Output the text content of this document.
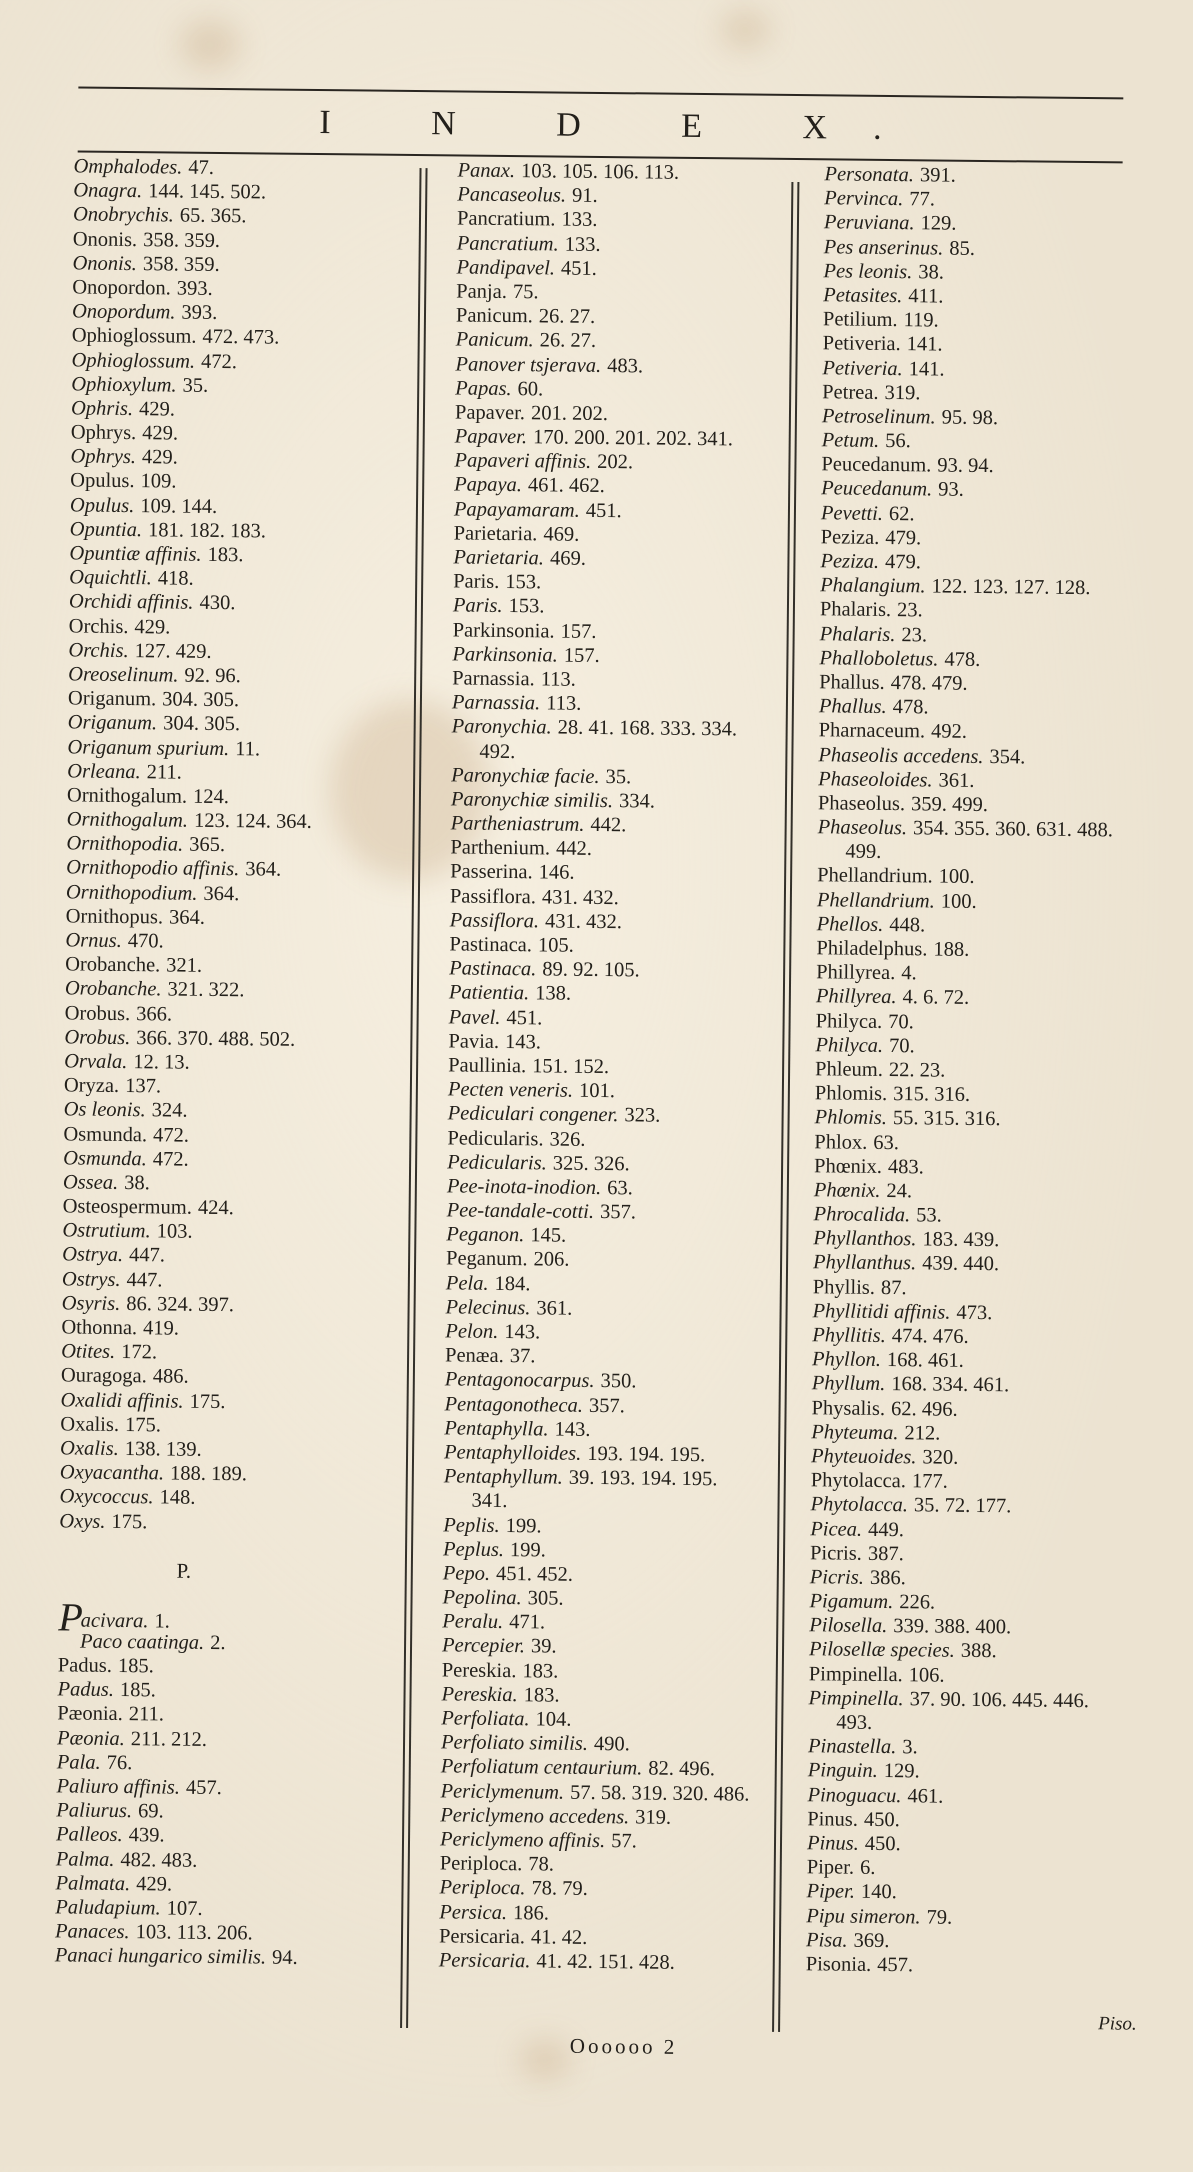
I N D E X.
Omphalodes. 47.
Onagra. 144. 145. 502.
Onobrychis. 65. 365.
Ononis. 358. 359.
Ononis. 358. 359.
Onopordon. 393.
Onopordum. 393.
Ophioglossum. 472. 473.
Ophioglossum. 472.
Ophioxylum. 35.
Ophris. 429.
Ophrys. 429.
Ophrys. 429.
Opulus. 109.
Opulus. 109. 144.
Opuntia. 181. 182. 183.
Opuntiæ affinis. 183.
Oquichtli. 418.
Orchidi affinis. 430.
Orchis. 429.
Orchis. 127. 429.
Oreoselinum. 92. 96.
Origanum. 304. 305.
Origanum. 304. 305.
Origanum spurium. 11.
Orleana. 211.
Ornithogalum. 124.
Ornithogalum. 123. 124. 364.
Ornithopodia. 365.
Ornithopodio affinis. 364.
Ornithopodium. 364.
Ornithopus. 364.
Ornus. 470.
Orobanche. 321.
Orobanche. 321. 322.
Orobus. 366.
Orobus. 366. 370. 488. 502.
Orvala. 12. 13.
Oryza. 137.
Os leonis. 324.
Osmunda. 472.
Osmunda. 472.
Ossea. 38.
Osteospermum. 424.
Ostrutium. 103.
Ostrya. 447.
Ostrys. 447.
Osyris. 86. 324. 397.
Othonna. 419.
Otites. 172.
Ouragoga. 486.
Oxalidi affinis. 175.
Oxalis. 175.
Oxalis. 138. 139.
Oxyacantha. 188. 189.
Oxycoccus. 148.
Oxys. 175.
P.
Pacivara. 1.
Paco caatinga. 2.
Padus. 185.
Padus. 185.
Pæonia. 211.
Pæonia. 211. 212.
Pala. 76.
Paliuro affinis. 457.
Paliurus. 69.
Palleos. 439.
Palma. 482. 483.
Palmata. 429.
Paludapium. 107.
Panaces. 103. 113. 206.
Panaci hungarico similis. 94.
Panax. 103. 105. 106. 113.
Pancaseolus. 91.
Pancratium. 133.
Pancratium. 133.
Pandipavel. 451.
Panja. 75.
Panicum. 26. 27.
Panicum. 26. 27.
Panover tsjerava. 483.
Papas. 60.
Papaver. 201. 202.
Papaver. 170. 200. 201. 202. 341.
Papaveri affinis. 202.
Papaya. 461. 462.
Papayamaram. 451.
Parietaria. 469.
Parietaria. 469.
Paris. 153.
Paris. 153.
Parkinsonia. 157.
Parkinsonia. 157.
Parnassia. 113.
Parnassia. 113.
Paronychia. 28. 41. 168. 333. 334.
492.
Paronychiæ facie. 35.
Paronychiæ similis. 334.
Partheniastrum. 442.
Parthenium. 442.
Passerina. 146.
Passiflora. 431. 432.
Passiflora. 431. 432.
Pastinaca. 105.
Pastinaca. 89. 92. 105.
Patientia. 138.
Pavel. 451.
Pavia. 143.
Paullinia. 151. 152.
Pecten veneris. 101.
Pediculari congener. 323.
Pedicularis. 326.
Pedicularis. 325. 326.
Pee-inota-inodion. 63.
Pee-tandale-cotti. 357.
Peganon. 145.
Peganum. 206.
Pela. 184.
Pelecinus. 361.
Pelon. 143.
Penæa. 37.
Pentagonocarpus. 350.
Pentagonotheca. 357.
Pentaphylla. 143.
Pentaphylloides. 193. 194. 195.
Pentaphyllum. 39. 193. 194. 195.
341.
Peplis. 199.
Peplus. 199.
Pepo. 451. 452.
Pepolina. 305.
Peralu. 471.
Percepier. 39.
Pereskia. 183.
Pereskia. 183.
Perfoliata. 104.
Perfoliato similis. 490.
Perfoliatum centaurium. 82. 496.
Periclymenum. 57. 58. 319. 320. 486.
Periclymeno accedens. 319.
Periclymeno affinis. 57.
Periploca. 78.
Periploca. 78. 79.
Persica. 186.
Persicaria. 41. 42.
Persicaria. 41. 42. 151. 428.
Personata. 391.
Pervinca. 77.
Peruviana. 129.
Pes anserinus. 85.
Pes leonis. 38.
Petasites. 411.
Petilium. 119.
Petiveria. 141.
Petiveria. 141.
Petrea. 319.
Petroselinum. 95. 98.
Petum. 56.
Peucedanum. 93. 94.
Peucedanum. 93.
Pevetti. 62.
Peziza. 479.
Peziza. 479.
Phalangium. 122. 123. 127. 128.
Phalaris. 23.
Phalaris. 23.
Phalloboletus. 478.
Phallus. 478. 479.
Phallus. 478.
Pharnaceum. 492.
Phaseolis accedens. 354.
Phaseoloides. 361.
Phaseolus. 359. 499.
Phaseolus. 354. 355. 360. 631. 488.
499.
Phellandrium. 100.
Phellandrium. 100.
Phellos. 448.
Philadelphus. 188.
Phillyrea. 4.
Phillyrea. 4. 6. 72.
Philyca. 70.
Philyca. 70.
Phleum. 22. 23.
Phlomis. 315. 316.
Phlomis. 55. 315. 316.
Phlox. 63.
Phœnix. 483.
Phœnix. 24.
Phrocalida. 53.
Phyllanthos. 183. 439.
Phyllanthus. 439. 440.
Phyllis. 87.
Phyllitidi affinis. 473.
Phyllitis. 474. 476.
Phyllon. 168. 461.
Phyllum. 168. 334. 461.
Physalis. 62. 496.
Phyteuma. 212.
Phyteuoides. 320.
Phytolacca. 177.
Phytolacca. 35. 72. 177.
Picea. 449.
Picris. 387.
Picris. 386.
Pigamum. 226.
Pilosella. 339. 388. 400.
Pilosellæ species. 388.
Pimpinella. 106.
Pimpinella. 37. 90. 106. 445. 446.
493.
Pinastella. 3.
Pinguin. 129.
Pinoguacu. 461.
Pinus. 450.
Pinus. 450.
Piper. 6.
Piper. 140.
Pipu simeron. 79.
Pisa. 369.
Pisonia. 457.
Piso.
Oooooo 2
